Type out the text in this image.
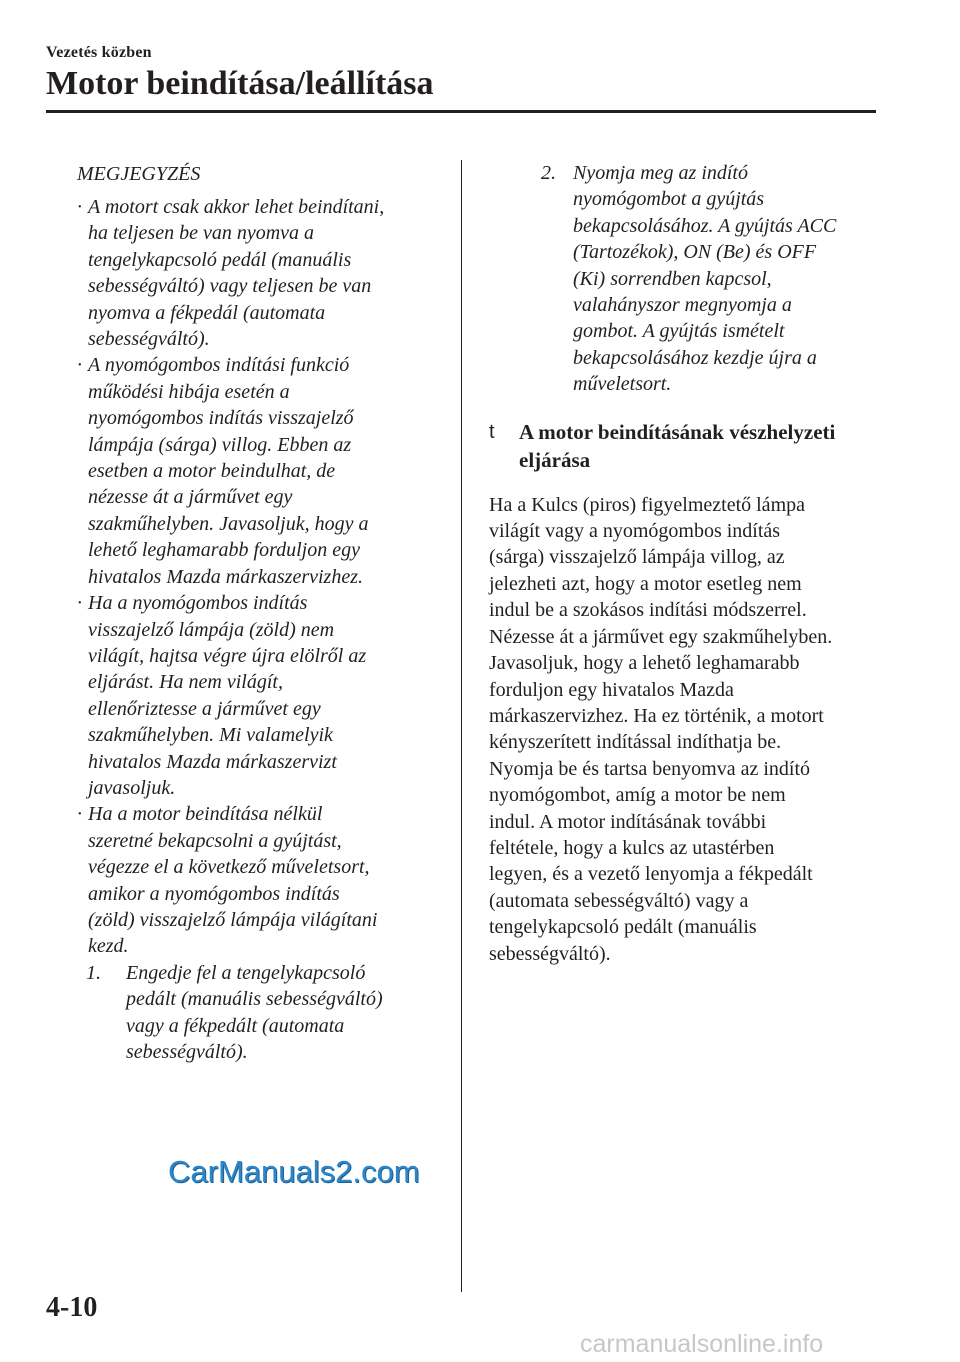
Vezetés közben
Motor beindítása/leállítása
MEGJEGYZÉS
· A motort csak akkor lehet beindítani,
ha teljesen be van nyomva a
tengelykapcsoló pedál (manuális
sebességváltó) vagy teljesen be van
nyomva a fékpedál (automata
sebességváltó).
· A nyomógombos indítási funkció
működési hibája esetén a
nyomógombos indítás visszajelző
lámpája (sárga) villog. Ebben az
esetben a motor beindulhat, de
nézesse át a járművet egy
szakműhelyben. Javasoljuk, hogy a
lehető leghamarabb forduljon egy
hivatalos Mazda márkaszervizhez.
· Ha a nyomógombos indítás
visszajelző lámpája (zöld) nem
világít, hajtsa végre újra elölről az
eljárást. Ha nem világít,
ellenőriztesse a járművet egy
szakműhelyben. Mi valamelyik
hivatalos Mazda márkaszervizt
javasoljuk.
· Ha a motor beindítása nélkül
szeretné bekapcsolni a gyújtást,
végezze el a következő műveletsort,
amikor a nyomógombos indítás
(zöld) visszajelző lámpája világítani
kezd.
1. Engedje fel a tengelykapcsoló
pedált (manuális sebességváltó)
vagy a fékpedált (automata
sebességváltó).
2. Nyomja meg az indító
nyomógombot a gyújtás
bekapcsolásához. A gyújtás ACC
(Tartozékok), ON (Be) és OFF
(Ki) sorrendben kapcsol,
valahányszor megnyomja a
gombot. A gyújtás ismételt
bekapcsolásához kezdje újra a
műveletsort.
t A motor beindításának vészhelyzeti
eljárása
Ha a Kulcs (piros) figyelmeztető lámpa
világít vagy a nyomógombos indítás
(sárga) visszajelző lámpája villog, az
jelezheti azt, hogy a motor esetleg nem
indul be a szokásos indítási módszerrel.
Nézesse át a járművet egy szakműhelyben.
Javasoljuk, hogy a lehető leghamarabb
forduljon egy hivatalos Mazda
márkaszervizhez. Ha ez történik, a motort
kényszerített indítással indíthatja be.
Nyomja be és tartsa benyomva az indító
nyomógombot, amíg a motor be nem
indul. A motor indításának további
feltétele, hogy a kulcs az utastérben
legyen, és a vezető lenyomja a fékpedált
(automata sebességváltó) vagy a
tengelykapcsoló pedált (manuális
sebességváltó).
CarManuals2.com
4-10
carmanualsonline.info
